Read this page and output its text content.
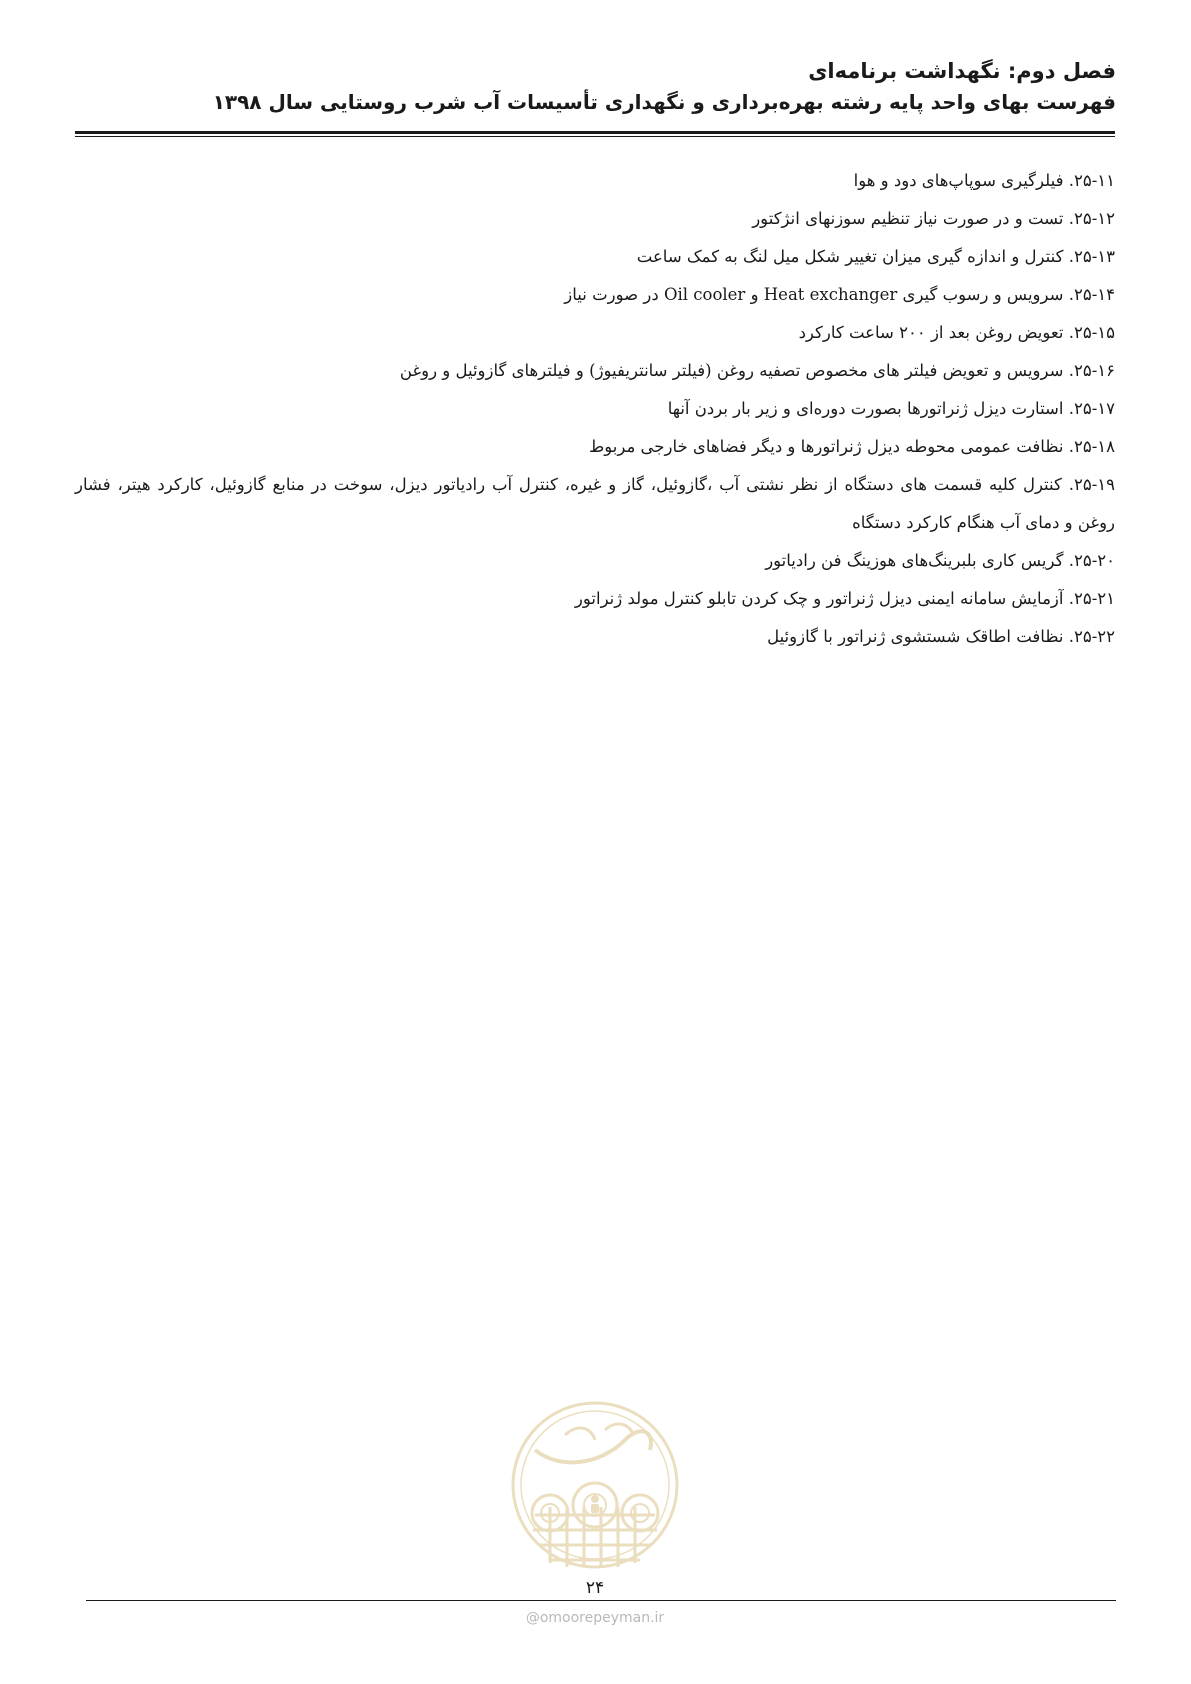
فصل دوم: نگهداشت برنامه‌ای

فهرست بهای واحد پایه رشته بهره‌برداری و نگهداری تأسیسات آب شرب روستایی سال ۱۳۹۸

۲۵-۱۱. فیلرگیری سوپاپ‌های دود و هوا
۲۵-۱۲. تست و در صورت نیاز تنظیم سوزنهای انژکتور
۲۵-۱۳. کنترل و اندازه گیری میزان تغییر شکل میل لنگ به کمک ساعت
۲۵-۱۴. سرویس و رسوب گیری Heat exchanger و Oil cooler در صورت نیاز
۲۵-۱۵. تعویض روغن بعد از ۲۰۰ ساعت کارکرد
۲۵-۱۶. سرویس و تعویض فیلتر های مخصوص تصفیه روغن (فیلتر سانتریفیوژ) و فیلترهای گازوئیل و روغن
۲۵-۱۷. استارت دیزل ژنراتورها بصورت دوره‌ای و زیر بار بردن آنها
۲۵-۱۸. نظافت عمومی محوطه دیزل ژنراتورها و دیگر فضاهای خارجی مربوط
۲۵-۱۹. کنترل کلیه قسمت های دستگاه از نظر نشتی آب ،گازوئیل، گاز و غیره، کنترل آب رادیاتور دیزل، سوخت در منابع گازوئیل، کارکرد هیتر، فشار روغن و دمای آب هنگام کارکرد دستگاه
۲۵-۲۰. گریس کاری بلبرینگ‌های هوزینگ فن رادیاتور
۲۵-۲۱. آزمایش سامانه ایمنی دیزل ژنراتور و چک کردن تابلو کنترل مولد ژنراتور
۲۵-۲۲. نظافت اطاقک شستشوی ژنراتور با گازوئیل
۲۴
@omoorepeyman.ir
